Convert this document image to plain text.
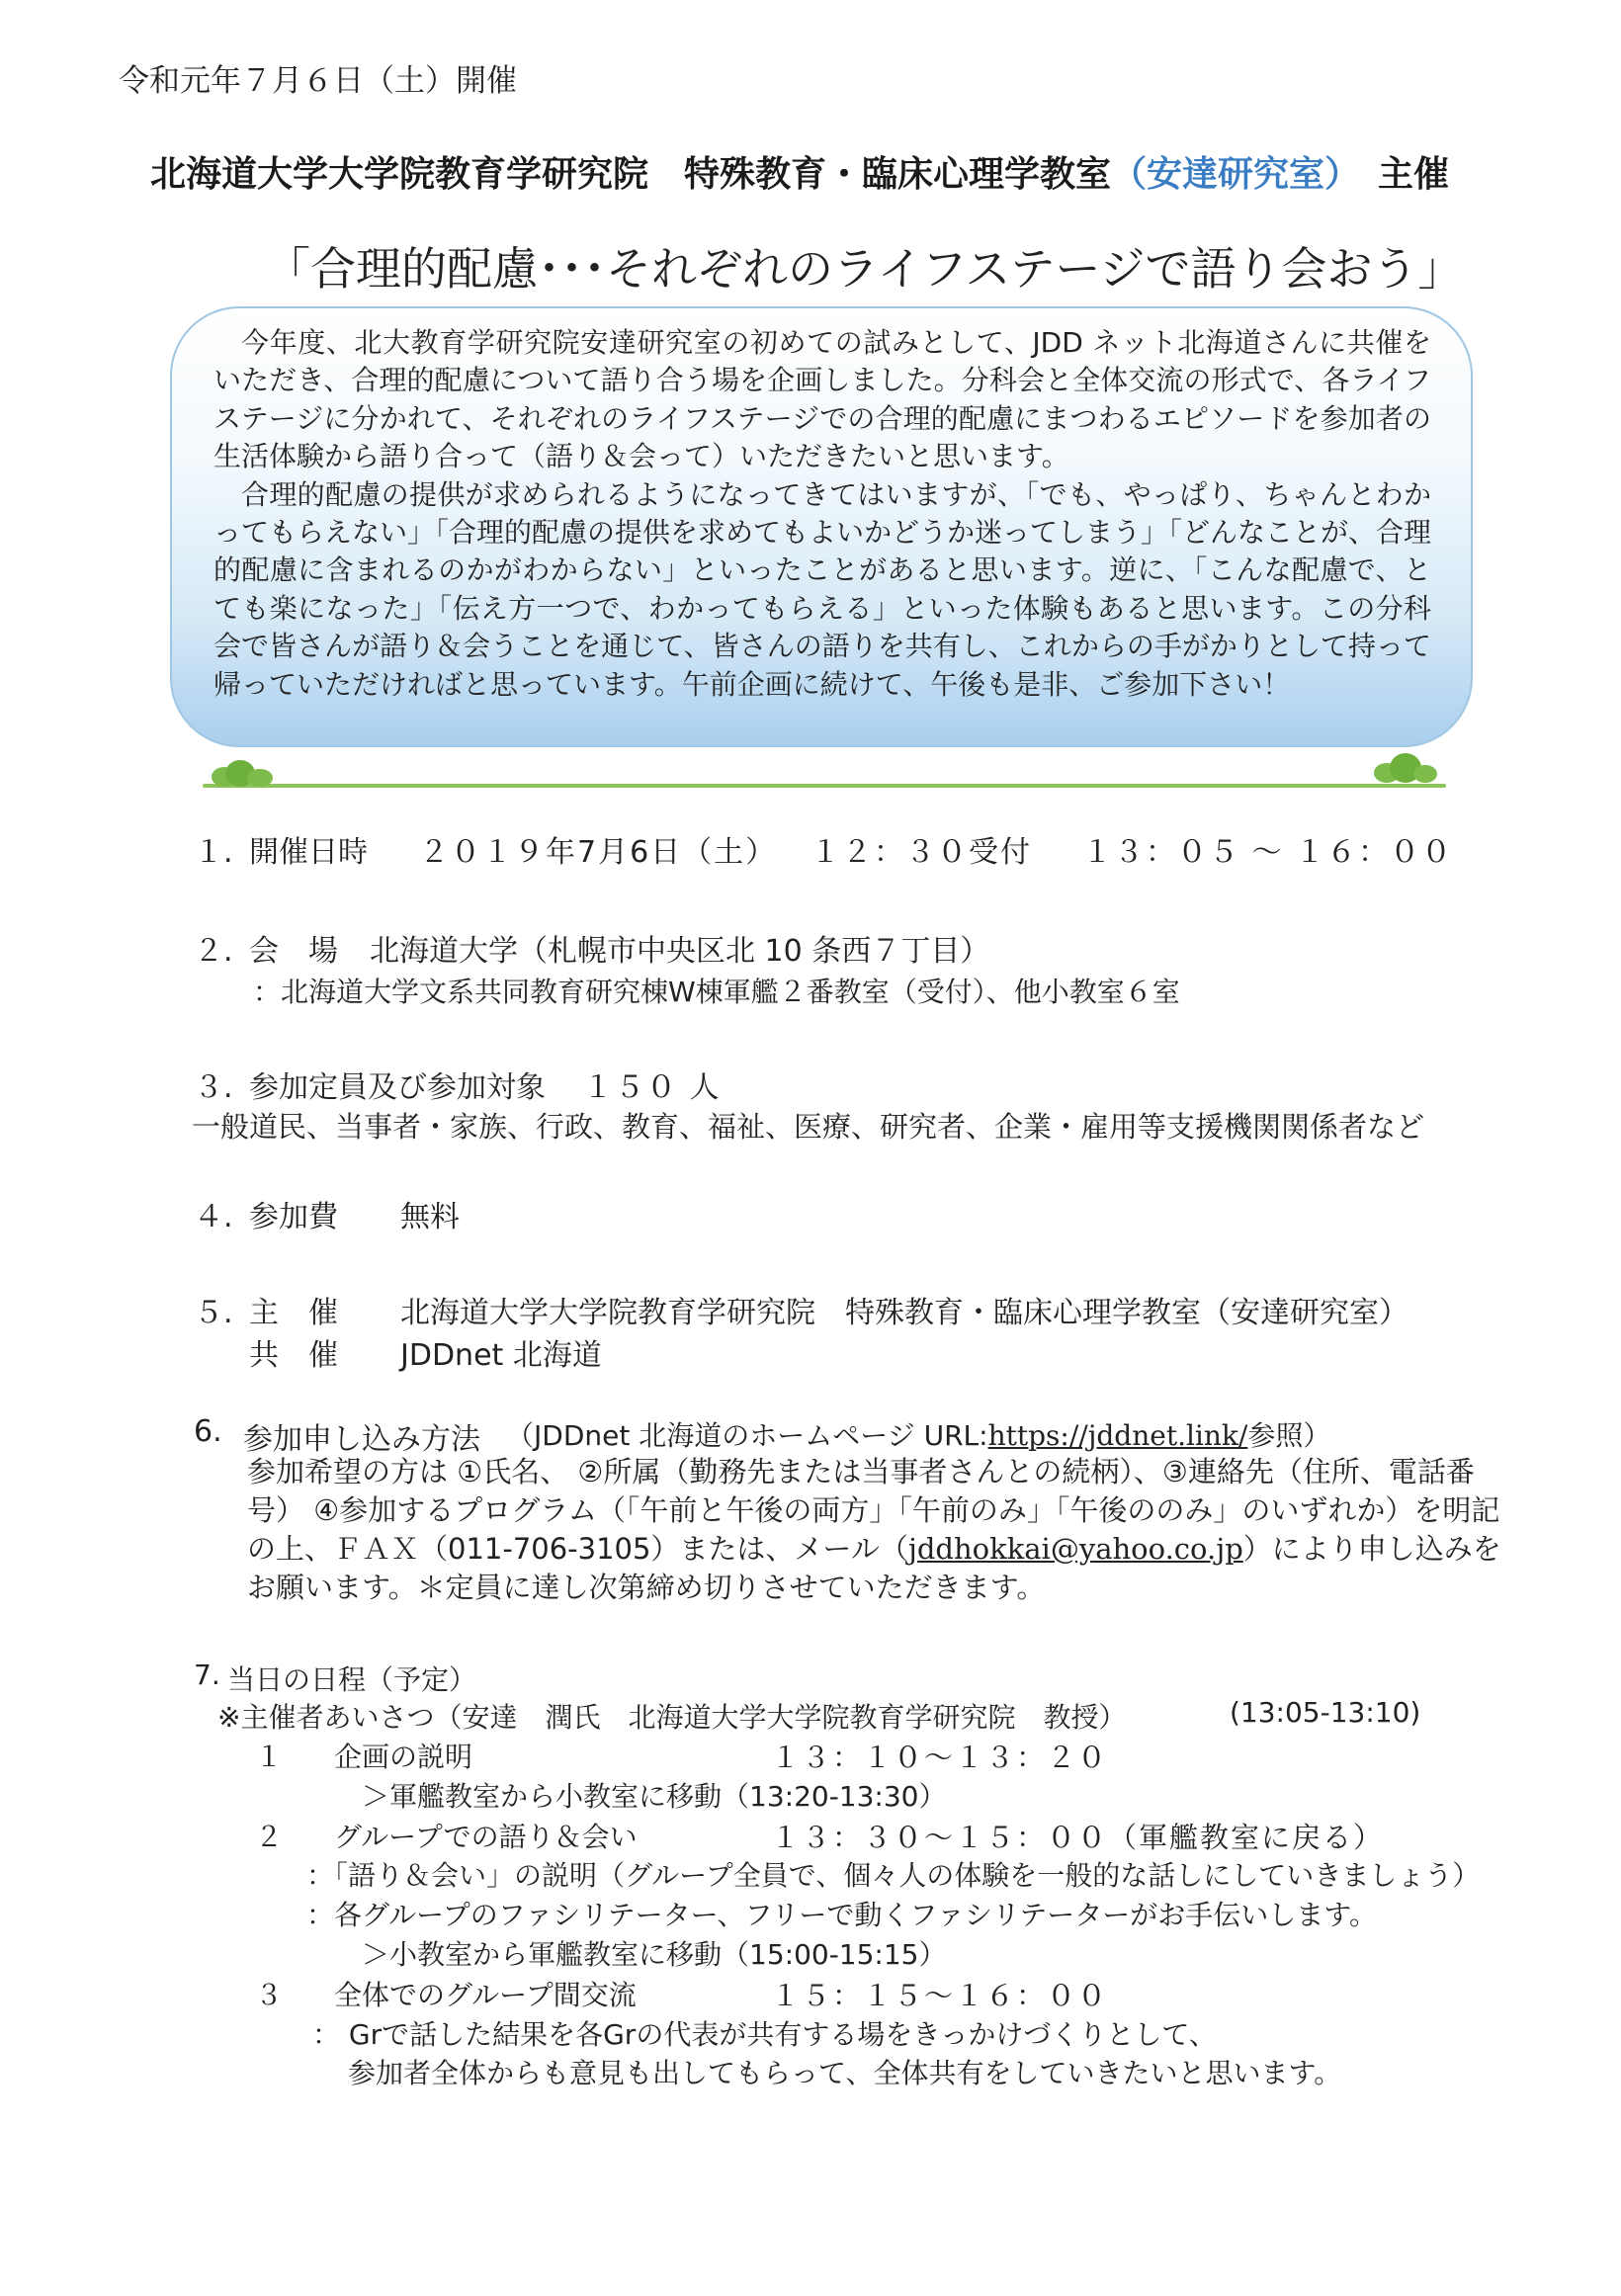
令和元年７月６日（土）開催
北海道大学大学院教育学研究院　特殊教育・臨床心理学教室（安達研究室）　主催
「合理的配慮･･･それぞれのライフステージで語り会おう」

今年度、北大教育学研究院安達研究室の初めての試みとして、JDD ネット北海道さんに共催をいただき、合理的配慮について語り合う場を企画しました。分科会と全体交流の形式で、各ライフステージに分かれて、それぞれのライフステージでの合理的配慮にまつわるエピソードを参加者の生活体験から語り合って（語り＆会って）いただきたいと思います。

合理的配慮の提供が求められるようになってきてはいますが、「でも、やっぱり、ちゃんとわかってもらえない」「合理的配慮の提供を求めてもよいかどうか迷ってしまう」「どんなことが、合理的配慮に含まれるのかがわからない」といったことがあると思います。逆に、「こんな配慮で、とても楽になった」「伝え方一つで、わかってもらえる」といった体験もあると思います。この分科会で皆さんが語り＆会うことを通じて、皆さんの語りを共有し、これからの手がかりとして持って帰っていただければと思っています。午前企画に続けて、午後も是非、ご参加下さい！

１. 開催日時 ２０１９年7月6日（土） １２：３０受付 １３：０５ ～ １６：００
２. 会　場 北海道大学（札幌市中央区北 10 条西７丁目）
：北海道大学文系共同教育研究棟W棟軍艦２番教室（受付）、他小教室６室
３. 参加定員及び参加対象 １５０ 人
一般道民、当事者・家族、行政、教育、福祉、医療、研究者、企業・雇用等支援機関関係者など
４. 参加費 無料
５. 主　催 北海道大学大学院教育学研究院　特殊教育・臨床心理学教室（安達研究室）
共　催 JDDnet 北海道
6. 参加申し込み方法 （JDDnet 北海道のホームページ URL:https://jddnet.link/参照）
参加希望の方は ①氏名、 ②所属（勤務先または当事者さんとの続柄）、③連絡先（住所、電話番号） ④参加するプログラム（「午前と午後の両方」「午前のみ」「午後ののみ」のいずれか）を明記の上、ＦＡＸ（011-706-3105）または、メール（jddhokkai@yahoo.co.jp）により申し込みをお願います。＊定員に達し次第締め切りさせていただきます。
7. 当日の日程（予定）
※主催者あいさつ（安達　潤氏　北海道大学大学院教育学研究院　教授）	(13:05-13:10)
１ 企画の説明	１３：１０～１３：２０
＞軍艦教室から小教室に移動（13:20-13:30）
２ グループでの語り＆会い	１３：３０～１５：００（軍艦教室に戻る）
：「語り＆会い」の説明（グループ全員で、個々人の体験を一般的な話しにしていきましょう）
：各グループのファシリテーター、フリーで動くファシリテーターがお手伝いします。
＞小教室から軍艦教室に移動（15:00-15:15）
３ 全体でのグループ間交流	１５：１５～１６：００
： Grで話した結果を各Grの代表が共有する場をきっかけづくりとして、
参加者全体からも意見も出してもらって、全体共有をしていきたいと思います。
